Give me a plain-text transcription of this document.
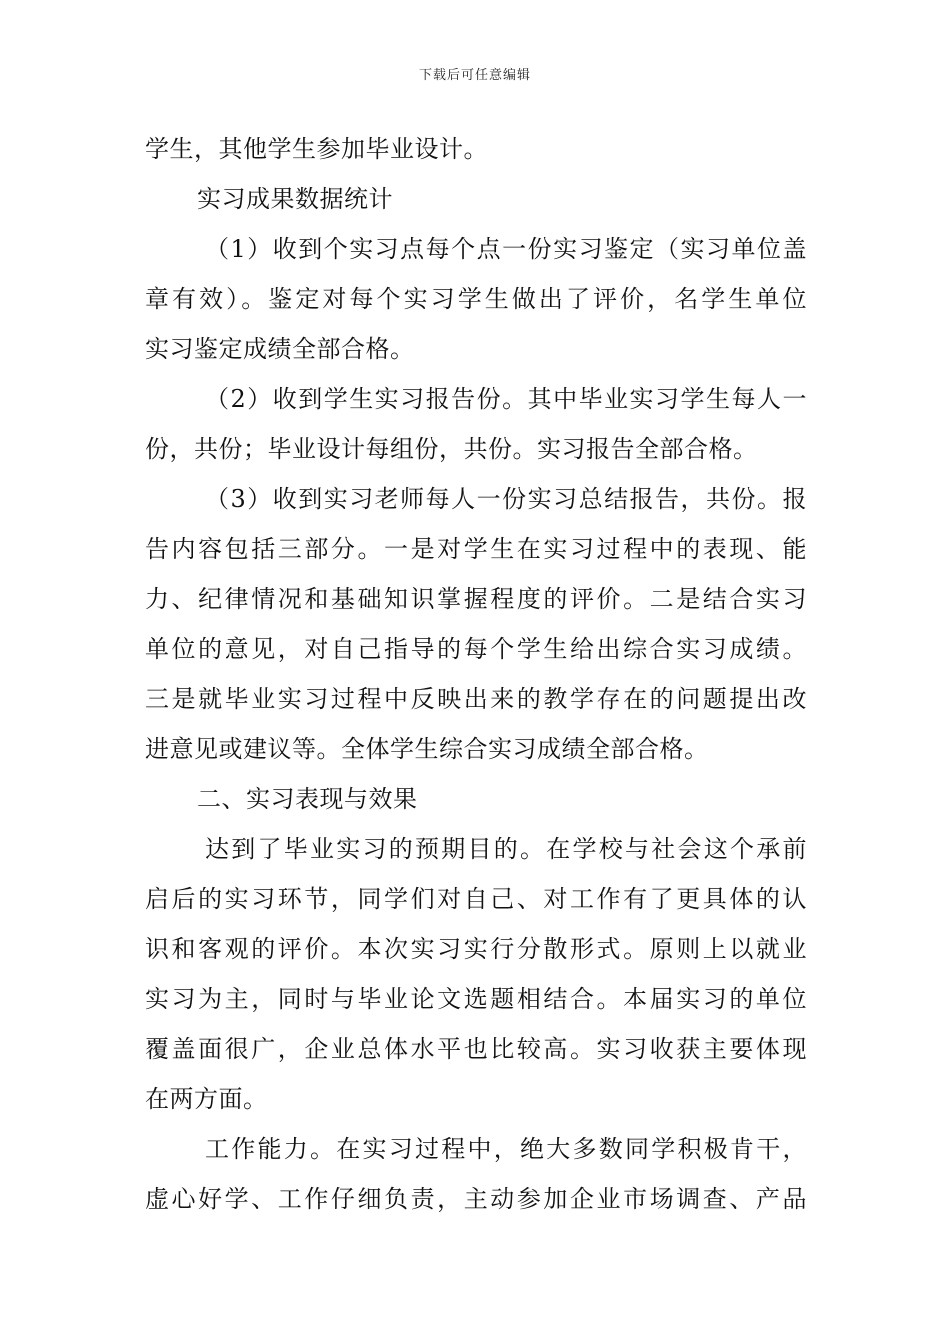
下载后可任意编辑
学生，其他学生参加毕业设计。
实习成果数据统计
（1）收到个实习点每个点一份实习鉴定（实习单位盖
章有效）。鉴定对每个实习学生做出了评价，名学生单位
实习鉴定成绩全部合格。
（2）收到学生实习报告份。其中毕业实习学生每人一
份，共份；毕业设计每组份，共份。实习报告全部合格。
（3）收到实习老师每人一份实习总结报告，共份。报
告内容包括三部分。一是对学生在实习过程中的表现、能
力、纪律情况和基础知识掌握程度的评价。二是结合实习
单位的意见，对自己指导的每个学生给出综合实习成绩。
三是就毕业实习过程中反映出来的教学存在的问题提出改
进意见或建议等。全体学生综合实习成绩全部合格。
二、实习表现与效果
达到了毕业实习的预期目的。在学校与社会这个承前
启后的实习环节，同学们对自己、对工作有了更具体的认
识和客观的评价。本次实习实行分散形式。原则上以就业
实习为主，同时与毕业论文选题相结合。本届实习的单位
覆盖面很广，企业总体水平也比较高。实习收获主要体现
在两方面。
工作能力。在实习过程中，绝大多数同学积极肯干，
虚心好学、工作仔细负责，主动参加企业市场调查、产品
